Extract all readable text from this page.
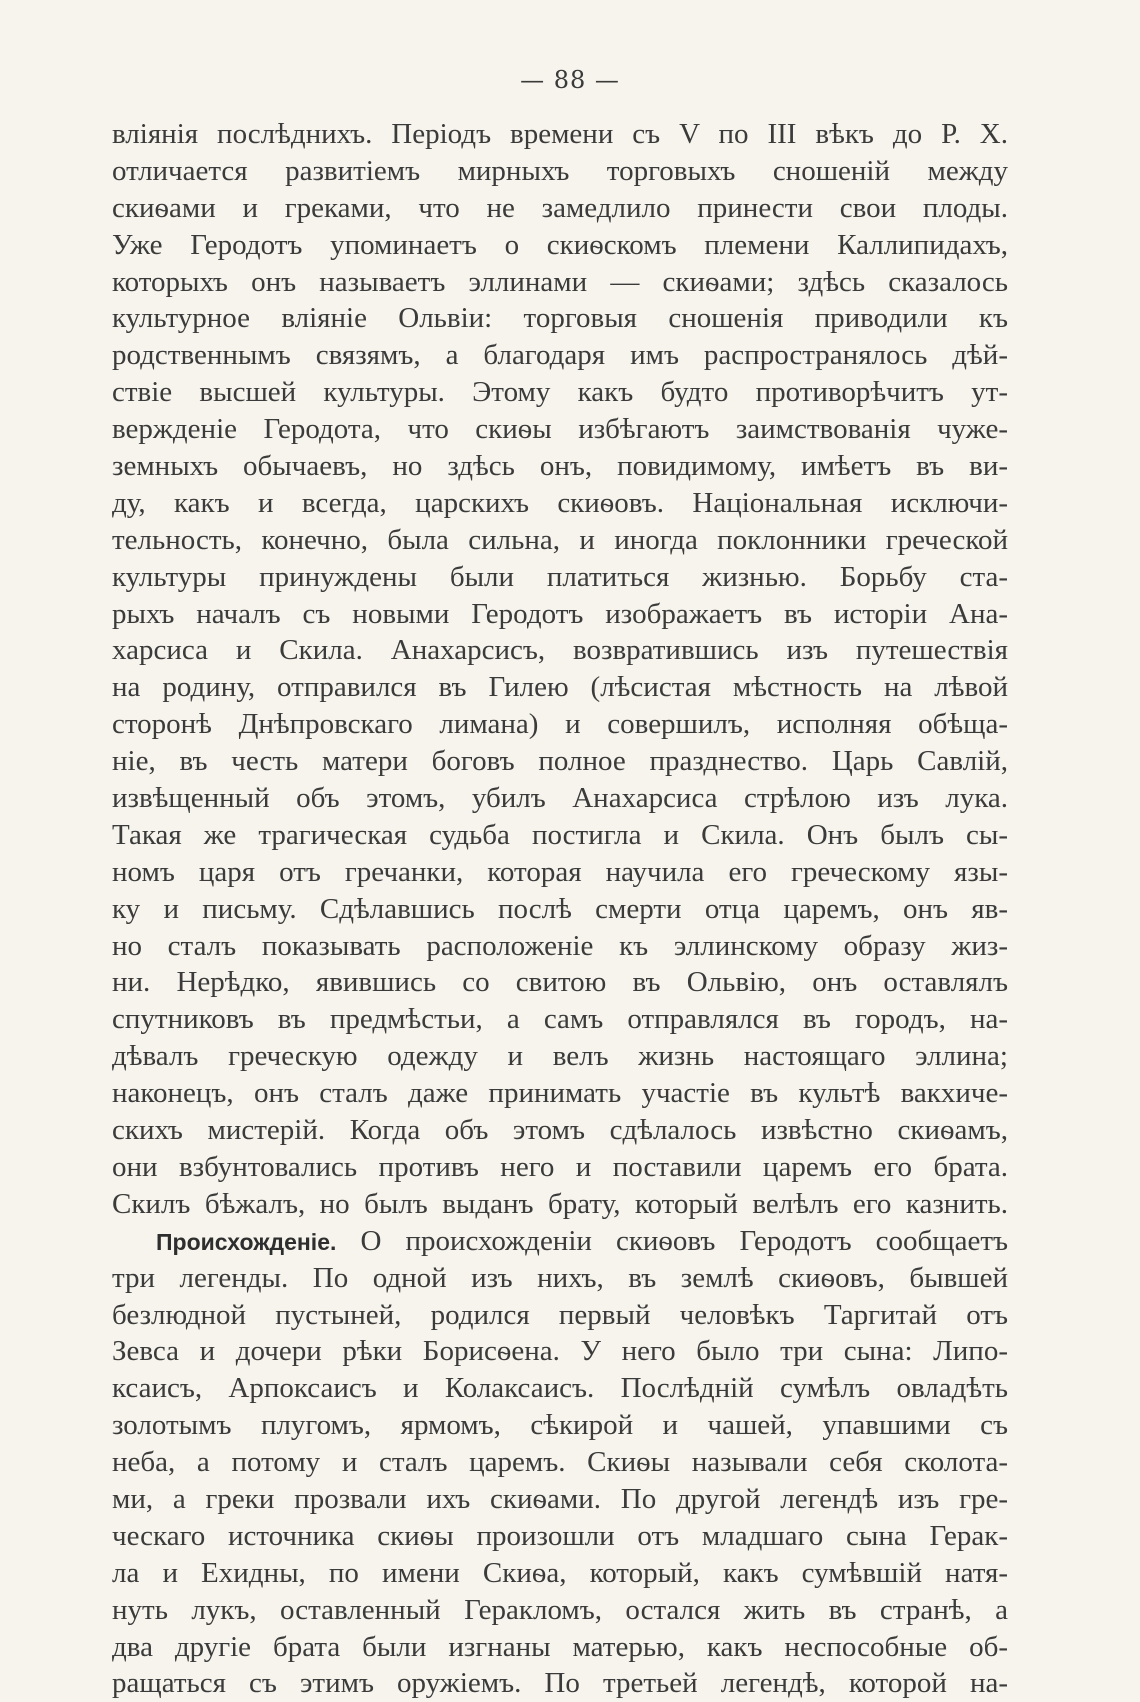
— 88 —
вліянія послѣднихъ. Періодъ времени съ V по III вѣкъ до Р. Х.
отличается развитіемъ мирныхъ торговыхъ сношеній между
скиѳами и греками, что не замедлило принести свои плоды.
Уже Геродотъ упоминаетъ о скиѳскомъ племени Каллипидахъ,
которыхъ онъ называетъ эллинами — скиѳами; здѣсь сказалось
культурное вліяніе Ольвіи: торговыя сношенія приводили къ
родственнымъ связямъ, а благодаря имъ распространялось дѣй-
ствіе высшей культуры. Этому какъ будто противорѣчитъ ут-
вержденіе Геродота, что скиѳы избѣгаютъ заимствованія чуже-
земныхъ обычаевъ, но здѣсь онъ, повидимому, имѣетъ въ ви-
ду, какъ и всегда, царскихъ скиѳовъ. Національная исключи-
тельность, конечно, была сильна, и иногда поклонники греческой
культуры принуждены были платиться жизнью. Борьбу ста-
рыхъ началъ съ новыми Геродотъ изображаетъ въ исторіи Ана-
харсиса и Скила. Анахарсисъ, возвратившись изъ путешествія
на родину, отправился въ Гилею (лѣсистая мѣстность на лѣвой
сторонѣ Днѣпровскаго лимана) и совершилъ, исполняя обѣща-
ніе, въ честь матери боговъ полное празднество. Царь Савлій,
извѣщенный объ этомъ, убилъ Анахарсиса стрѣлою изъ лука.
Такая же трагическая судьба постигла и Скила. Онъ былъ сы-
номъ царя отъ гречанки, которая научила его греческому язы-
ку и письму. Сдѣлавшись послѣ смерти отца царемъ, онъ яв-
но сталъ показывать расположеніе къ эллинскому образу жиз-
ни. Нерѣдко, явившись со свитою въ Ольвію, онъ оставлялъ
спутниковъ въ предмѣстьи, а самъ отправлялся въ городъ, на-
дѣвалъ греческую одежду и велъ жизнь настоящаго эллина;
наконецъ, онъ сталъ даже принимать участіе въ культѣ вакхиче-
скихъ мистерій. Когда объ этомъ сдѣлалось извѣстно скиѳамъ,
они взбунтовались противъ него и поставили царемъ его брата.
Скилъ бѣжалъ, но былъ выданъ брату, который велѣлъ его казнить.
Происхожденіе. О происхожденіи скиѳовъ Геродотъ сообщаетъ
три легенды. По одной изъ нихъ, въ землѣ скиѳовъ, бывшей
безлюдной пустыней, родился первый человѣкъ Таргитай отъ
Зевса и дочери рѣки Борисѳена. У него было три сына: Липо-
ксаисъ, Арпоксаисъ и Колаксаисъ. Послѣдній сумѣлъ овладѣть
золотымъ плугомъ, ярмомъ, сѣкирой и чашей, упавшими съ
неба, а потому и сталъ царемъ. Скиѳы называли себя сколота-
ми, а греки прозвали ихъ скиѳами. По другой легендѣ изъ гре-
ческаго источника скиѳы произошли отъ младшаго сына Герак-
ла и Ехидны, по имени Скиѳа, который, какъ сумѣвшій натя-
нуть лукъ, оставленный Геракломъ, остался жить въ странѣ, а
два другіе брата были изгнаны матерью, какъ неспособные об-
ращаться съ этимъ оружіемъ. По третьей легендѣ, которой на-
